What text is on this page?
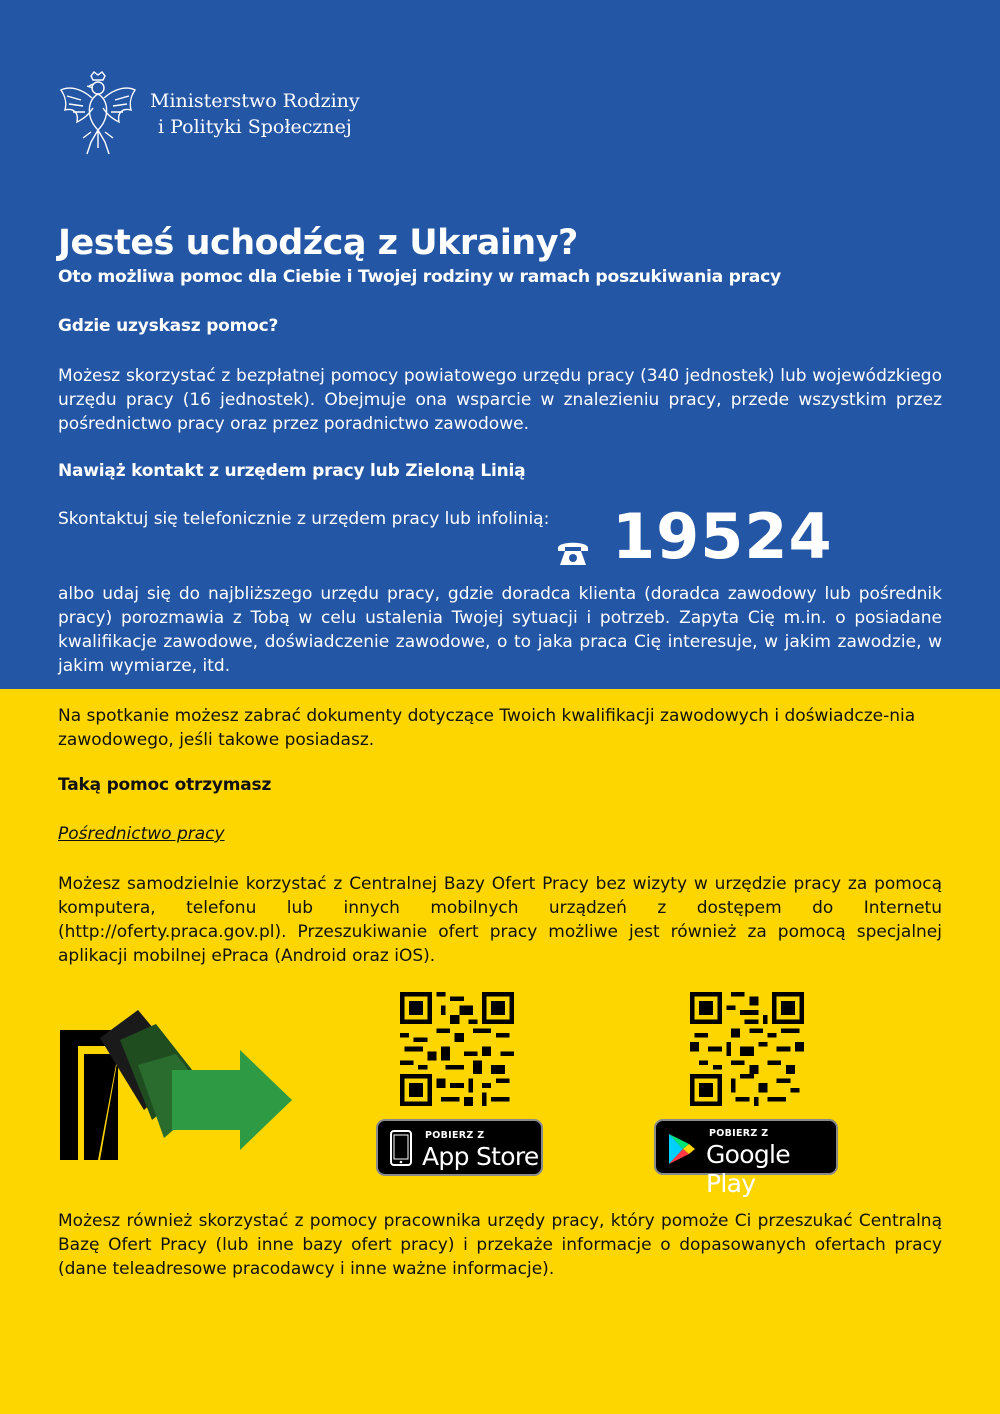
Ministerstwo Rodziny
i Polityki Społecznej
Jesteś uchodźcą z Ukrainy?
Oto możliwa pomoc dla Ciebie i Twojej rodziny w ramach poszukiwania pracy
Gdzie uzyskasz pomoc?
Możesz skorzystać z bezpłatnej pomocy powiatowego urzędu pracy (340 jednostek) lub wojewódzkiego urzędu pracy (16 jednostek). Obejmuje ona wsparcie w znalezieniu pracy, przede wszystkim przez pośrednictwo pracy oraz przez poradnictwo zawodowe.
Nawiąż kontakt z urzędem pracy lub Zieloną Linią
Skontaktuj się telefonicznie z urzędem pracy lub infolinią: 19524
albo udaj się do najbliższego urzędu pracy, gdzie doradca klienta (doradca zawodowy lub pośrednik pracy) porozmawia z Tobą w celu ustalenia Twojej sytuacji i potrzeb. Zapyta Cię m.in. o posiadane kwalifikacje zawodowe, doświadczenie zawodowe, o to jaka praca Cię interesuje, w jakim zawodzie, w jakim wymiarze, itd.
Na spotkanie możesz zabrać dokumenty dotyczące Twoich kwalifikacji zawodowych i doświadcze-nia zawodowego, jeśli takowe posiadasz.
Taką pomoc otrzymasz
Pośrednictwo pracy
Możesz samodzielnie korzystać z Centralnej Bazy Ofert Pracy bez wizyty w urzędzie pracy za pomocą komputera, telefonu lub innych mobilnych urządzeń z dostępem do Internetu (http://oferty.praca.gov.pl). Przeszukiwanie ofert pracy możliwe jest również za pomocą specjalnej aplikacji mobilnej ePraca (Android oraz iOS).
POBIERZ Z
App Store
POBIERZ Z
Google Play
Możesz również skorzystać z pomocy pracownika urzędy pracy, który pomoże Ci przeszukać Centralną Bazę Ofert Pracy (lub inne bazy ofert pracy) i przekaże informacje o dopasowanych ofertach pracy (dane teleadresowe pracodawcy i inne ważne informacje).
